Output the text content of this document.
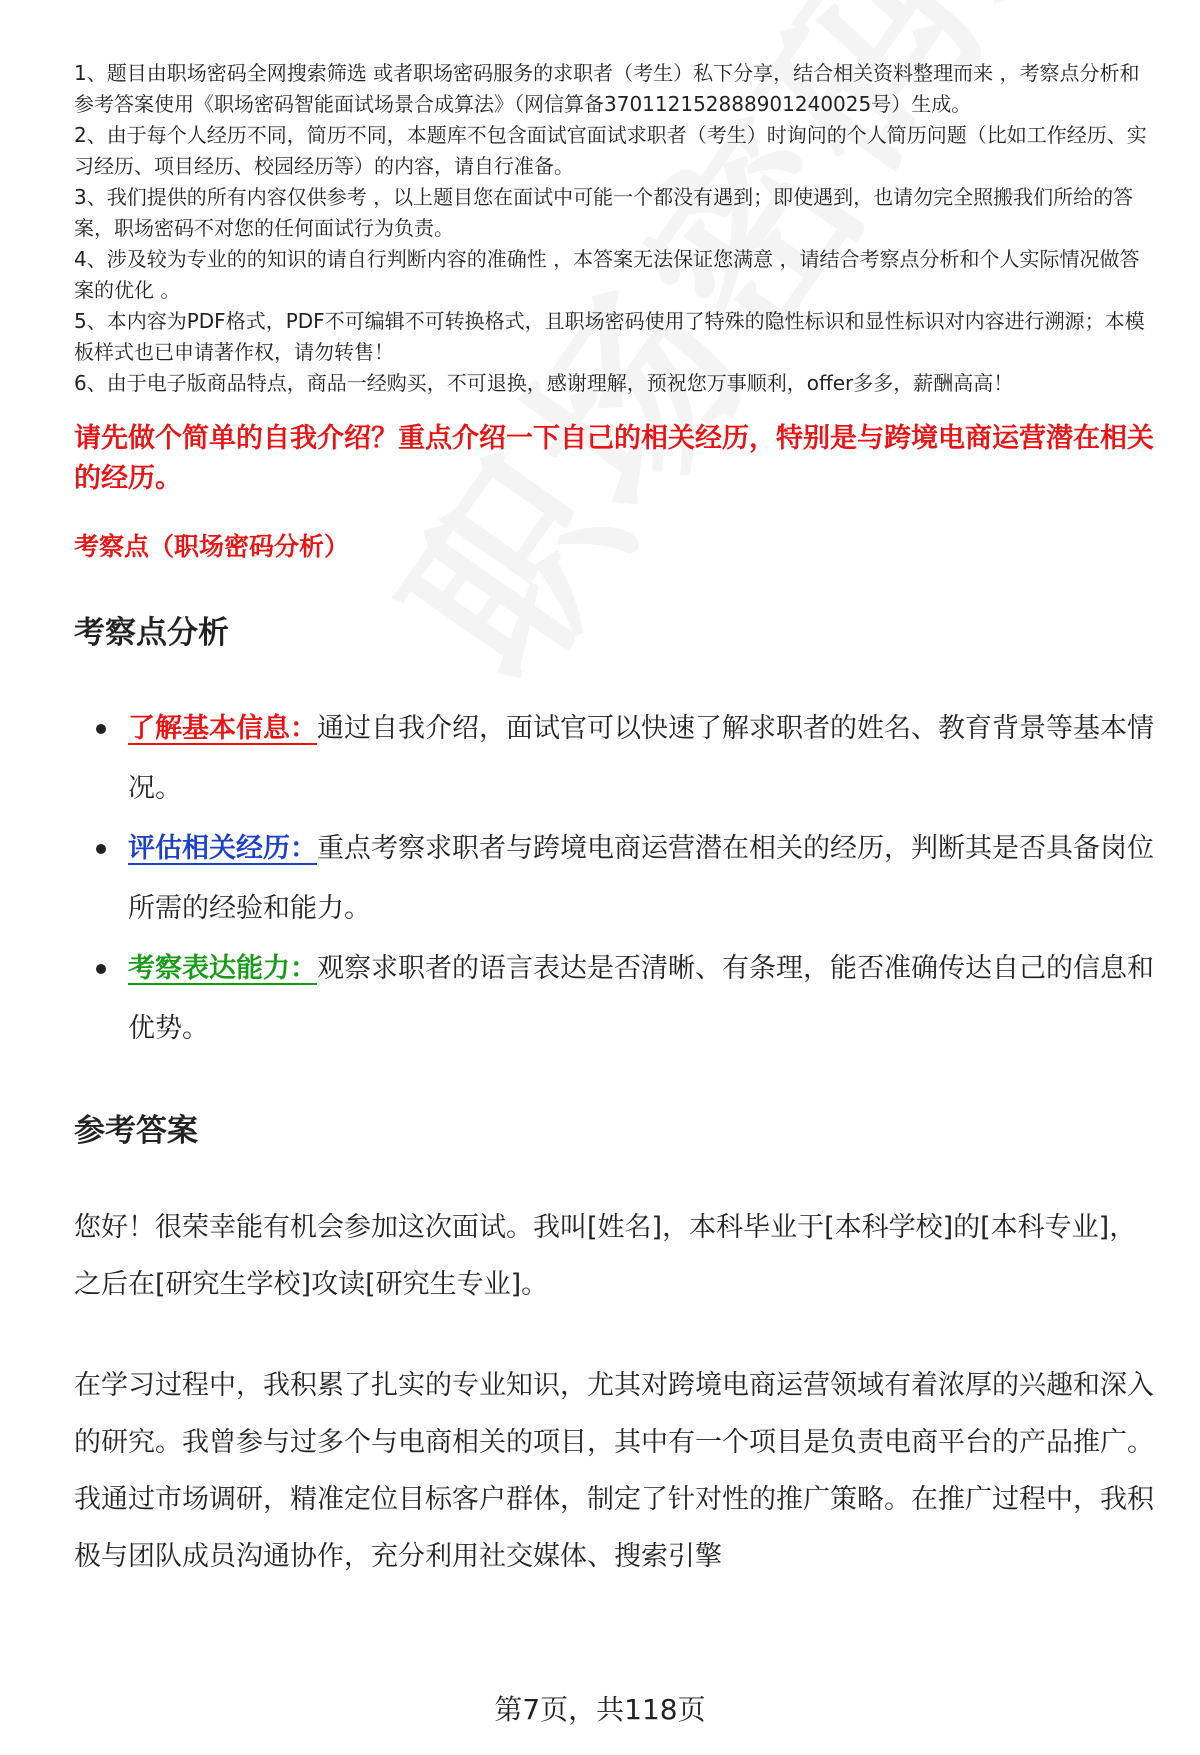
1、题目由职场密码全网搜索筛选 或者职场密码服务的求职者（考生）私下分享，结合相关资料整理而来 ，考察点分析和参考答案使用《职场密码智能面试场景合成算法》（网信算备370112152888901240025号）生成。

2、由于每个人经历不同，简历不同，本题库不包含面试官面试求职者（考生）时询问的个人简历问题（比如工作经历、实习经历、项目经历、校园经历等）的内容，请自行准备。

3、我们提供的所有内容仅供参考 ，以上题目您在面试中可能一个都没有遇到；即使遇到，也请勿完全照搬我们所给的答案，职场密码不对您的任何面试行为负责。

4、涉及较为专业的的知识的请自行判断内容的准确性 ，本答案无法保证您满意 ，请结合考察点分析和个人实际情况做答案的优化 。

5、本内容为PDF格式，PDF不可编辑不可转换格式，且职场密码使用了特殊的隐性标识和显性标识对内容进行溯源；本模板样式也已申请著作权，请勿转售！

6、由于电子版商品特点，商品一经购买，不可退换，感谢理解，预祝您万事顺利，offer多多，薪酬高高！

请先做个简单的自我介绍？重点介绍一下自己的相关经历，特别是与跨境电商运营潜在相关的经历。
考察点（职场密码分析）
考察点分析
了解基本信息：通过自我介绍，面试官可以快速了解求职者的姓名、教育背景等基本情况。
评估相关经历：重点考察求职者与跨境电商运营潜在相关的经历，判断其是否具备岗位所需的经验和能力。
考察表达能力：观察求职者的语言表达是否清晰、有条理，能否准确传达自己的信息和优势。
参考答案

您好！很荣幸能有机会参加这次面试。我叫[姓名]，本科毕业于[本科学校]的[本科专业]，之后在[研究生学校]攻读[研究生专业]。

在学习过程中，我积累了扎实的专业知识，尤其对跨境电商运营领域有着浓厚的兴趣和深入的研究。我曾参与过多个与电商相关的项目，其中有一个项目是负责电商平台的产品推广。我通过市场调研，精准定位目标客户群体，制定了针对性的推广策略。在推广过程中，我积极与团队成员沟通协作，充分利用社交媒体、搜索引擎

第7页，共118页
